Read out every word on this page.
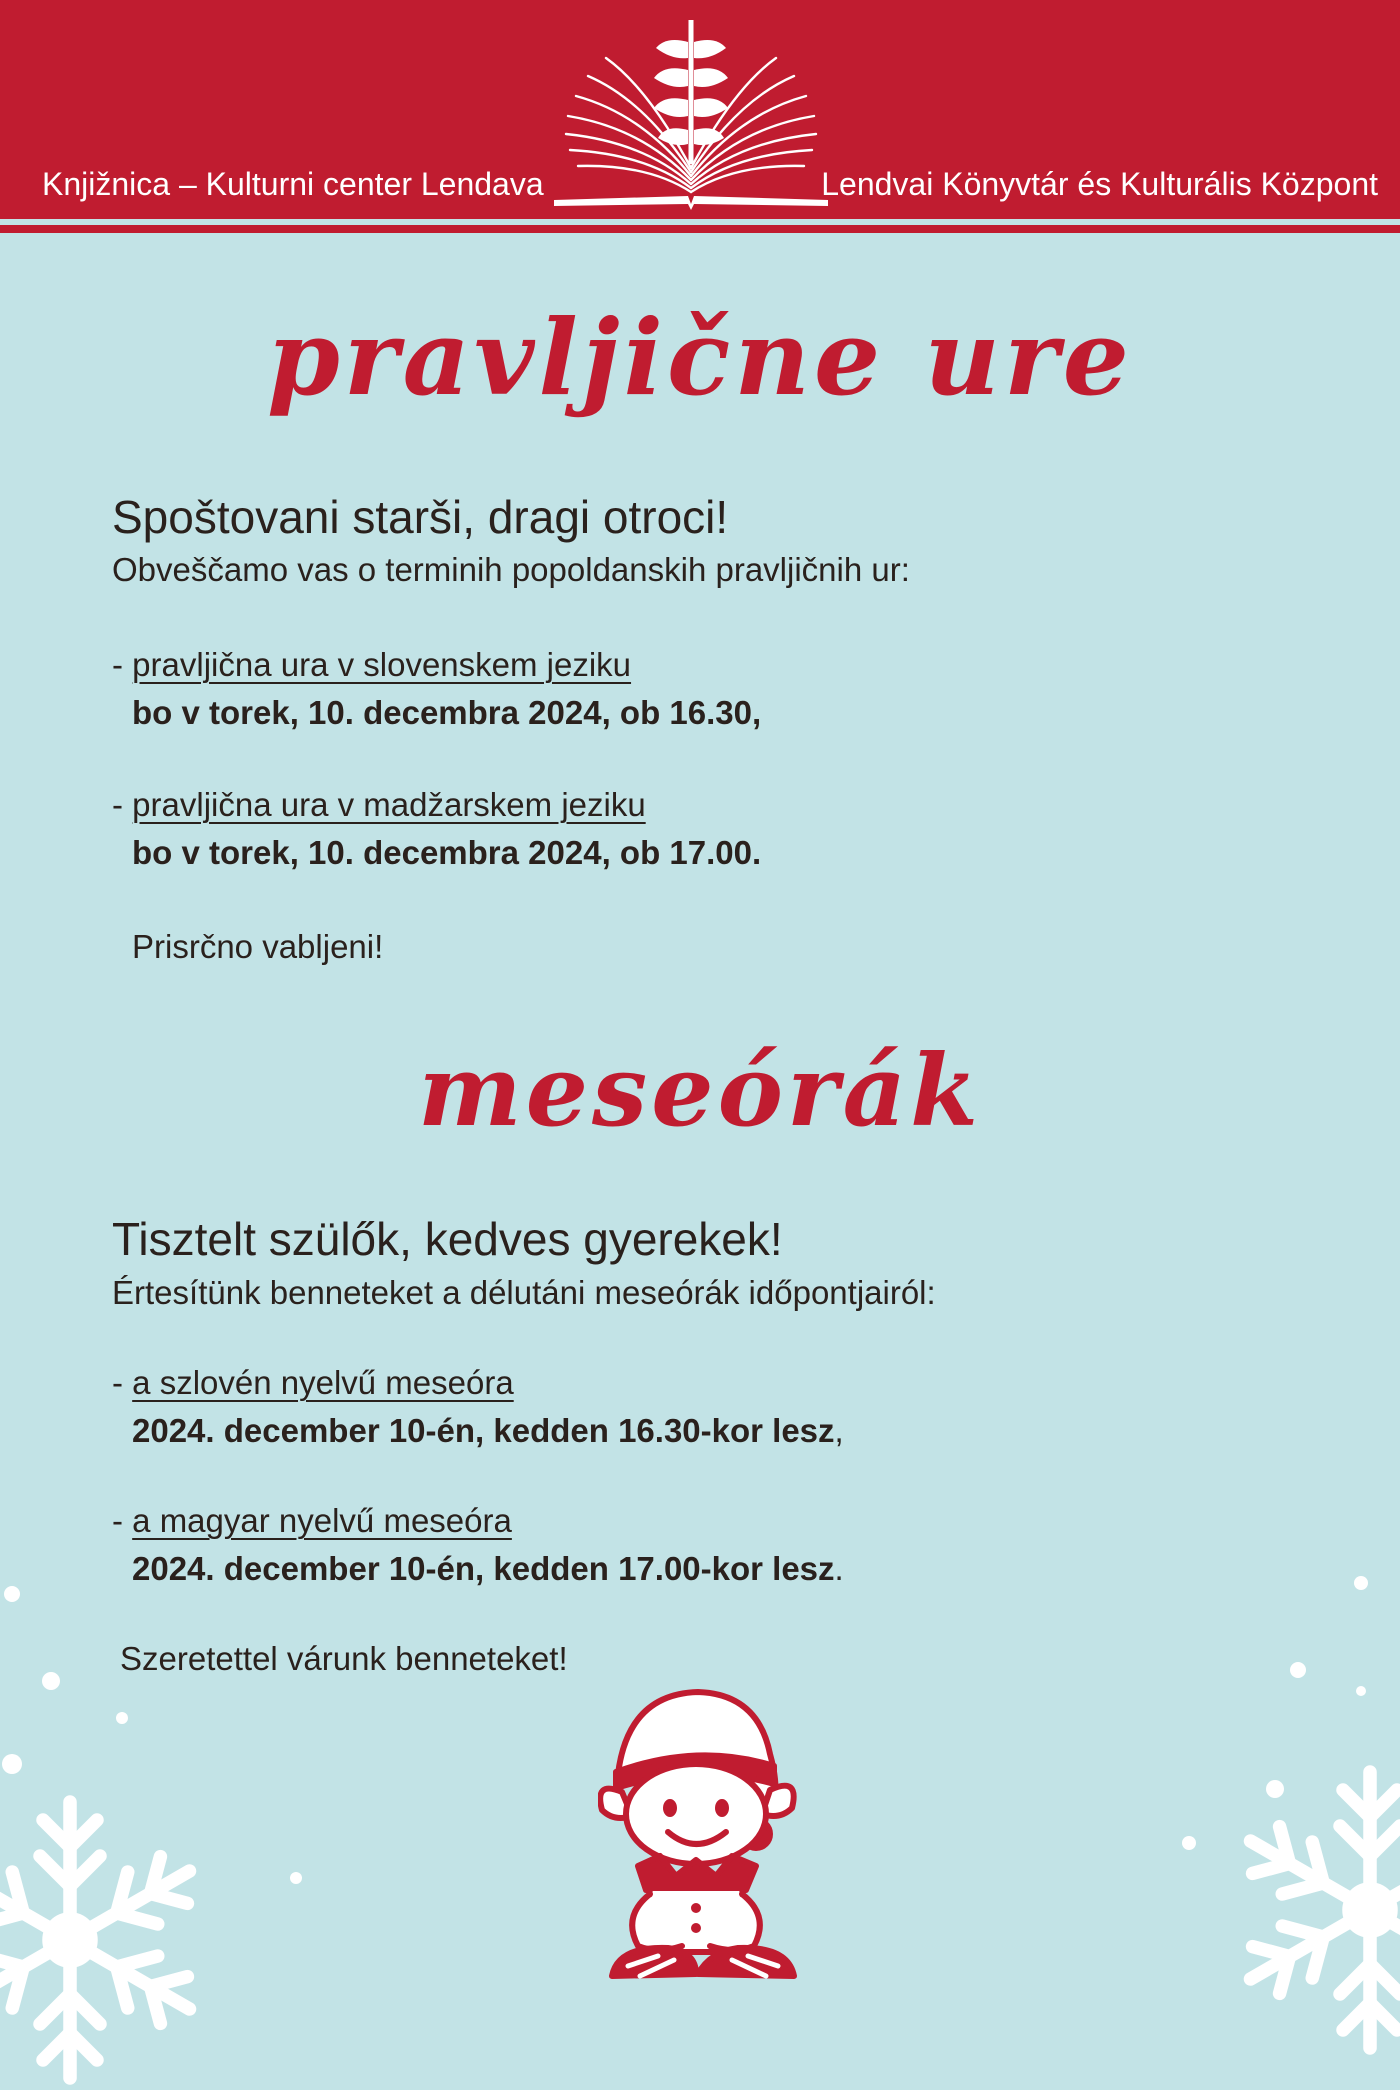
Knjižnica – Kulturni center Lendava	Lendvai Könyvtár és Kulturális Központ
pravljične ure
Spoštovani starši, dragi otroci!
Obveščamo vas o terminih popoldanskih pravljičnih ur:
- pravljična ura v slovenskem jeziku
bo v torek, 10. decembra 2024, ob 16.30,
- pravljična ura v madžarskem jeziku
bo v torek, 10. decembra 2024, ob 17.00.
Prisrčno vabljeni!
meseórák
Tisztelt szülők, kedves gyerekek!
Értesítünk benneteket a délutáni meseórák időpontjairól:
- a szlovén nyelvű meseóra
2024. december 10-én, kedden 16.30-kor lesz,
- a magyar nyelvű meseóra
2024. december 10-én, kedden 17.00-kor lesz.
Szeretettel várunk benneteket!
